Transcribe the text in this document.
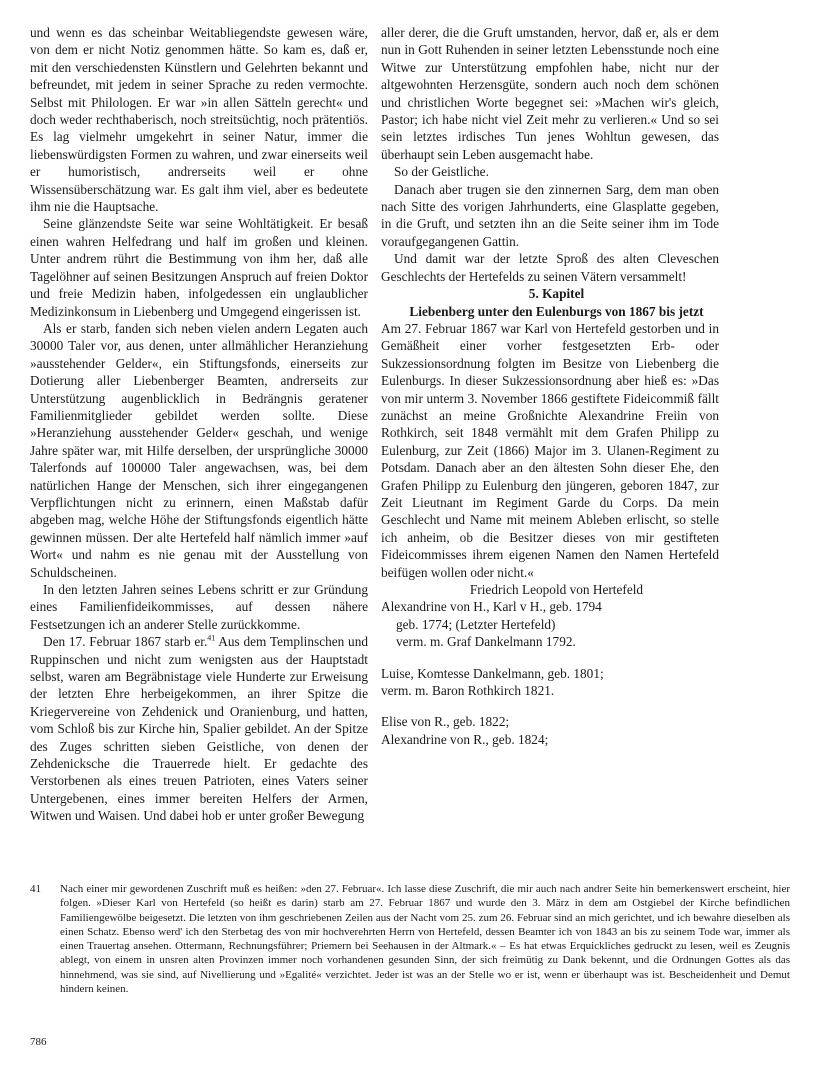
und wenn es das scheinbar Weitabliegendste gewesen wäre, von dem er nicht Notiz genommen hätte. So kam es, daß er, mit den verschiedensten Künstlern und Gelehrten bekannt und befreundet, mit jedem in seiner Sprache zu reden vermochte. Selbst mit Philologen. Er war »in allen Sätteln gerecht« und doch weder rechthaberisch, noch streitsüchtig, noch prätentiös. Es lag vielmehr umgekehrt in seiner Natur, immer die liebenswürdigsten Formen zu wahren, und zwar einerseits weil er humoristisch, andrerseits weil er ohne Wissensüberschätzung war. Es galt ihm viel, aber es bedeutete ihm nie die Hauptsache.

Seine glänzendste Seite war seine Wohltätigkeit. Er besaß einen wahren Helfedrang und half im großen und kleinen. Unter andrem rührt die Bestimmung von ihm her, daß alle Tagelöhner auf seinen Besitzungen Anspruch auf freien Doktor und freie Medizin haben, infolgedessen ein unglaublicher Medizinkonsum in Liebenberg und Umgegend eingerissen ist.

Als er starb, fanden sich neben vielen andern Legaten auch 30000 Taler vor, aus denen, unter allmählicher Heranziehung »ausstehender Gelder«, ein Stiftungsfonds, einerseits zur Dotierung aller Liebenberger Beamten, andrerseits zur Unterstützung augenblicklich in Bedrängnis geratener Familienmitglieder gebildet werden sollte. Diese »Heranziehung ausstehender Gelder« geschah, und wenige Jahre später war, mit Hilfe derselben, der ursprüngliche 30000 Talerfonds auf 100000 Taler angewachsen, was, bei dem natürlichen Hange der Menschen, sich ihrer eingegangenen Verpflichtungen nicht zu erinnern, einen Maßstab dafür abgeben mag, welche Höhe der Stiftungsfonds eigentlich hätte gewinnen müssen. Der alte Hertefeld half nämlich immer »auf Wort« und nahm es nie genau mit der Ausstellung von Schuldscheinen.

In den letzten Jahren seines Lebens schritt er zur Gründung eines Familienfideikommisses, auf dessen nähere Festsetzungen ich an anderer Stelle zurückkomme.

Den 17. Februar 1867 starb er.$^{41}$ Aus dem Templinschen und Ruppinschen und nicht zum wenigsten aus der Hauptstadt selbst, waren am Begräbnistage viele Hunderte zur Erweisung der letzten Ehre herbeigekommen, an ihrer Spitze die Kriegervereine von Zehdenick und Oranienburg, und hatten, vom Schloß bis zur Kirche hin, Spalier gebildet. An der Spitze des Zuges schritten sieben Geistliche, von denen der Zehdenicksche die Trauerrede hielt. Er gedachte des Verstorbenen als eines treuen Patrioten, eines Vaters seiner Untergebenen, eines immer bereiten Helfers der Armen, Witwen und Waisen. Und dabei hob er unter großer Bewegung

aller derer, die die Gruft umstanden, hervor, daß er, als er dem nun in Gott Ruhenden in seiner letzten Lebensstunde noch eine Witwe zur Unterstützung empfohlen habe, nicht nur der altgewohnten Herzensgüte, sondern auch noch dem schönen und christlichen Worte begegnet sei: »Machen wir's gleich, Pastor; ich habe nicht viel Zeit mehr zu verlieren.« Und so sei sein letztes irdisches Tun jenes Wohltun gewesen, das überhaupt sein Leben ausgemacht habe.

So der Geistliche.

Danach aber trugen sie den zinnernen Sarg, dem man oben nach Sitte des vorigen Jahrhunderts, eine Glasplatte gegeben, in die Gruft, und setzten ihn an die Seite seiner ihm im Tode voraufgegangenen Gattin.

Und damit war der letzte Sproß des alten Cleveschen Geschlechts der Hertefelds zu seinen Vätern versammelt!

5. Kapitel

Liebenberg unter den Eulenburgs von 1867 bis jetzt

Am 27. Februar 1867 war Karl von Hertefeld gestorben und in Gemäßheit einer vorher festgesetzten Erb- oder Sukzessionsordnung folgten im Besitze von Liebenberg die Eulenburgs. In dieser Sukzessionsordnung aber hieß es: »Das von mir unterm 3. November 1866 gestiftete Fideicommiß fällt zunächst an meine Großnichte Alexandrine Freiin von Rothkirch, seit 1848 vermählt mit dem Grafen Philipp zu Eulenburg, zur Zeit (1866) Major im 3. Ulanen-Regiment zu Potsdam. Danach aber an den ältesten Sohn dieser Ehe, den Grafen Philipp zu Eulenburg den jüngeren, geboren 1847, zur Zeit Lieutnant im Regiment Garde du Corps. Da mein Geschlecht und Name mit meinem Ableben erlischt, so stelle ich anheim, ob die Besitzer dieses von mir gestifteten Fideicommisses ihrem eigenen Namen den Namen Hertefeld beifügen wollen oder nicht.«

Friedrich Leopold von Hertefeld

Alexandrine von H., Karl v H., geb. 1794
geb. 1774; (Letzter Hertefeld)
verm. m. Graf Dankelmann 1792.
Luise, Komtesse Dankelmann, geb. 1801;
verm. m. Baron Rothkirch 1821.
Elise von R., geb. 1822;
Alexandrine von R., geb. 1824;
41 Nach einer mir gewordenen Zuschrift muß es heißen: »den 27. Februar«. Ich lasse diese Zuschrift, die mir auch nach andrer Seite hin bemerkenswert erscheint, hier folgen. »Dieser Karl von Hertefeld (so heißt es darin) starb am 27. Februar 1867 und wurde den 3. März in dem am Ostgiebel der Kirche befindlichen Familiengewölbe beigesetzt. Die letzten von ihm geschriebenen Zeilen aus der Nacht vom 25. zum 26. Februar sind an mich gerichtet, und ich bewahre dieselben als einen Schatz. Ebenso werd' ich den Sterbetag des von mir hochverehrten Herrn von Hertefeld, dessen Beamter ich von 1843 an bis zu seinem Tode war, immer als einen Trauertag ansehen. Ottermann, Rechnungsführer; Priemern bei Seehausen in der Altmark.« – Es hat etwas Erquickliches gedruckt zu lesen, weil es Zeugnis ablegt, von einem in unsren alten Provinzen immer noch vorhandenen gesunden Sinn, der sich freimütig zu Dank bekennt, und die Ordnungen Gottes als das hinnehmend, was sie sind, auf Nivellierung und »Egalité« verzichtet. Jeder ist was an der Stelle wo er ist, wenn er überhaupt was ist. Bescheidenheit und Demut hindern keinen.
786
